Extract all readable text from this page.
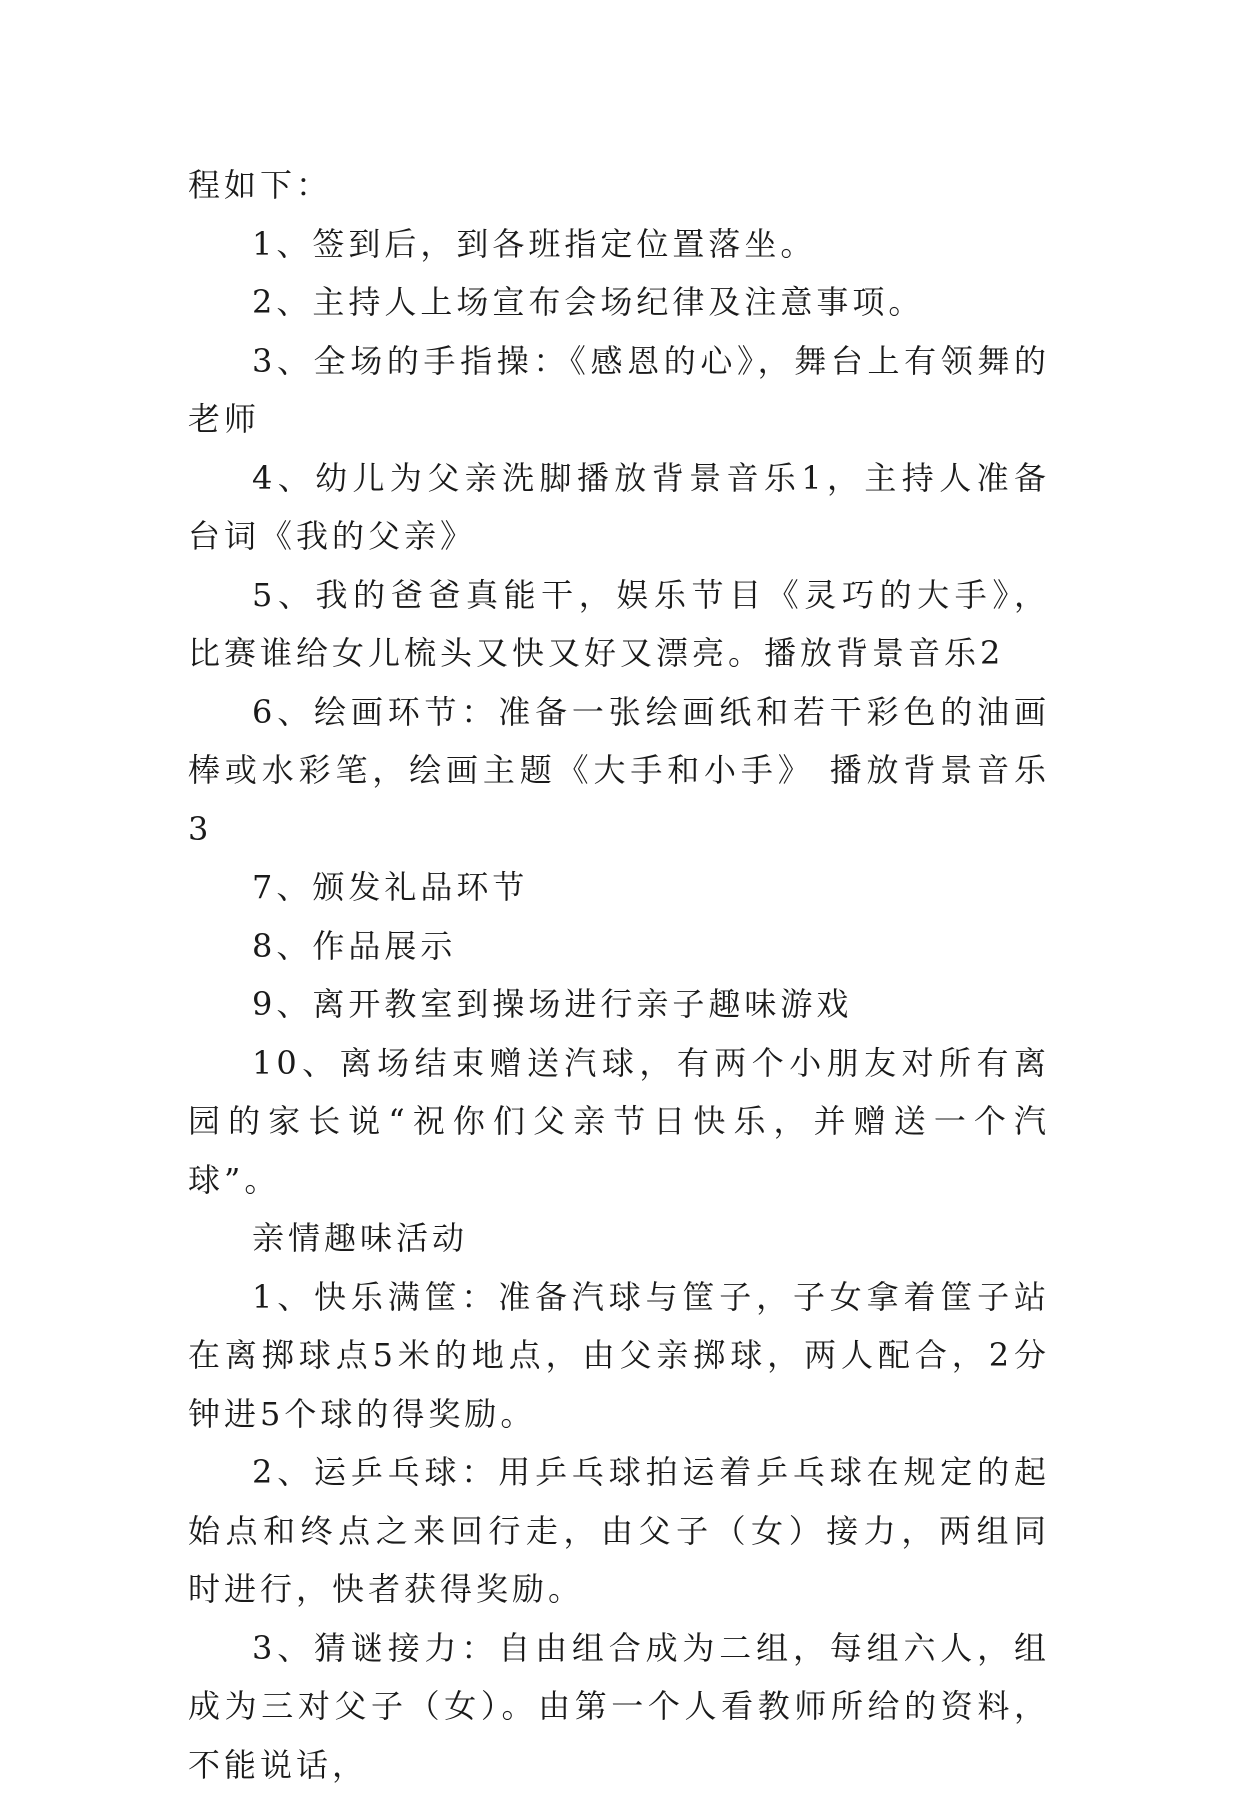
程如下：

1、签到后，到各班指定位置落坐。

2、主持人上场宣布会场纪律及注意事项。

3、全场的手指操：《感恩的心》，舞台上有领舞的老师

4、幼儿为父亲洗脚播放背景音乐1，主持人准备台词《我的父亲》

5、我的爸爸真能干，娱乐节目《灵巧的大手》，比赛谁给女儿梳头又快又好又漂亮。播放背景音乐2

6、绘画环节：准备一张绘画纸和若干彩色的油画棒或水彩笔，绘画主题《大手和小手》 播放背景音乐3

7、颁发礼品环节

8、作品展示

9、离开教室到操场进行亲子趣味游戏

10、离场结束赠送汽球，有两个小朋友对所有离园的家长说“祝你们父亲节日快乐，并赠送一个汽球”。

亲情趣味活动

1、快乐满筐：准备汽球与筐子，子女拿着筐子站在离掷球点5米的地点，由父亲掷球，两人配合，2分钟进5个球的得奖励。

2、运乒乓球：用乒乓球拍运着乒乓球在规定的起始点和终点之来回行走，由父子（女）接力，两组同时进行，快者获得奖励。

3、猜谜接力：自由组合成为二组，每组六人，组成为三对父子（女）。由第一个人看教师所给的资料，不能说话，
